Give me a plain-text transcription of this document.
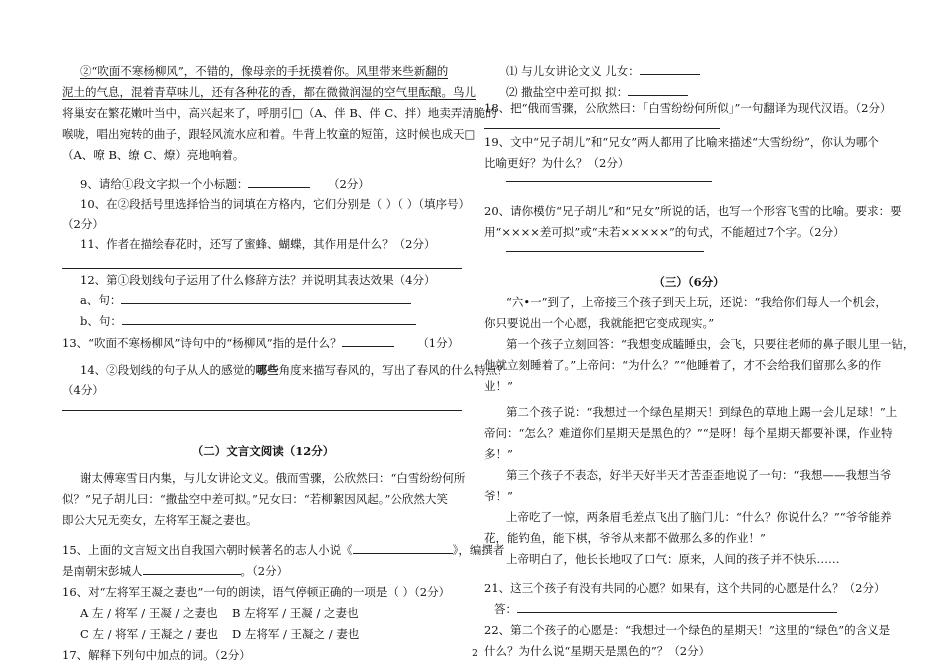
②“吹面不寒杨柳风”，不错的，像母亲的手抚摸着你。风里带来些新翻的
泥土的气息，混着青草味儿，还有各种花的香，都在微微润湿的空气里酝酿。鸟儿
将巢安在繁花嫩叶当中，高兴起来了，呼朋引□（A、伴 B、伴 C、拌）地卖弄清脆的
喉咙，唱出宛转的曲子，跟轻风流水应和着。牛背上牧童的短笛，这时候也成天□
（A、嘹 B、缭 C、燎）亮地响着。
9、请给①段文字拟一个小标题：	（2分）
10、在②段括号里选择恰当的词填在方格内，它们分别是（ ）（ ）（填序号）
（2分）
11、作者在描绘春花时，还写了蜜蜂、蝴蝶，其作用是什么？（2分）
12、第①段划线句子运用了什么修辞方法？并说明其表达效果（4分）
a、句：
b、句：
13、“吹面不寒杨柳风”诗句中的“杨柳风”指的是什么？	（1分）
14、②段划线的句子从人的感觉的哪些角度来描写春风的，写出了春风的什么特点？
（4分）
（二）文言文阅读（12分）
谢太傅寒雪日内集，与儿女讲论文义。俄而雪骤，公欣然曰：“白雪纷纷何所
似？”兄子胡儿曰：“撒盐空中差可拟。”兄女曰：“若柳絮因风起。”公欣然大笑
即公大兄无奕女，左将军王凝之妻也。
15、上面的文言短文出自我国六朝时候著名的志人小说《	》，编撰者
是南朝宋彭城人	。（2分）
16、对“左将军王凝之妻也”一句的朗读，语气停顿正确的一项是（ ）（2分）
A 左 / 将军 / 王凝 / 之妻也 B 左将军 / 王凝 / 之妻也
C 左 / 将军 / 王凝之 / 妻也 D 左将军 / 王凝之 / 妻也
17、解释下列句中加点的词。（2分）
⑴ 与儿女讲论文义 儿女：
⑵ 撒盐空中差可拟 拟：
18、把“俄而雪骤，公欣然曰：「白雪纷纷何所似」”一句翻译为现代汉语。（2分）
19、文中“兄子胡儿”和“兄女”两人都用了比喻来描述“大雪纷纷”，你认为哪个
比喻更好？为什么？（2分）
20、请你模仿“兄子胡儿”和“兄女”所说的话，也写一个形容飞雪的比喻。要求：要
用“××××差可拟”或“未若×××××”的句式，不能超过7个字。（2分）
（三）（6分）
“六•一”到了，上帝接三个孩子到天上玩，还说：“我给你们每人一个机会，
你只要说出一个心愿，我就能把它变成现实。”
第一个孩子立刻回答：“我想变成瞌睡虫，会飞，只要往老师的鼻子眼儿里一钻，
他就立刻睡着了。”上帝问：“为什么？”“他睡着了，才不会给我们留那么多的作
业！”
第二个孩子说：“我想过一个绿色星期天！到绿色的草地上踢一会儿足球！”上
帝问：“怎么？难道你们星期天是黑色的？”“是呀！每个星期天都要补课，作业特
多！”
第三个孩子不表态，好半天好半天才苦歪歪地说了一句：“我想——我想当爷
爷！”
上帝吃了一惊，两条眉毛差点飞出了脑门儿：“什么？你说什么？”“爷爷能养
花，能钓鱼，能下棋，爷爷从来都不做那么多的作业！”
上帝明白了，他长长地叹了口气：原来，人间的孩子并不快乐……
21、这三个孩子有没有共同的心愿？如果有，这个共同的心愿是什么？（2分）
答：
22、第二个孩子的心愿是：“我想过一个绿色的星期天！”这里的“绿色”的含义是
什么？为什么说“星期天是黑色的”？（2分）
2
